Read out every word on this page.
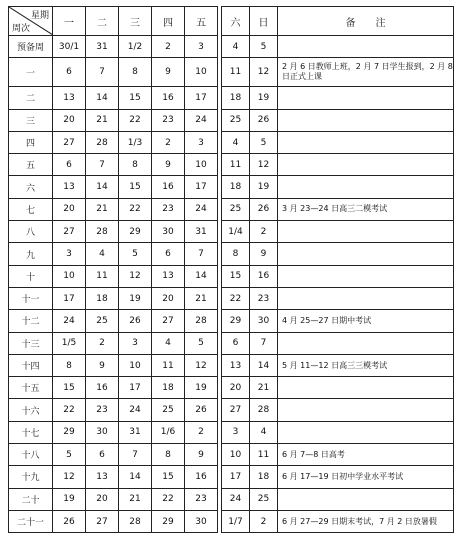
星期
周次	一	二	三	四	五		六	日	备　　注
预备周	30/1	31	1/2	2	3		4	5	
一	6	7	8	9	10		11	12	2 月 6 日教师上班，2 月 7 日学生报到，2 月 8 日正式上课
二	13	14	15	16	17		18	19	
三	20	21	22	23	24		25	26	
四	27	28	1/3	2	3		4	5	
五	6	7	8	9	10		11	12	
六	13	14	15	16	17		18	19	
七	20	21	22	23	24		25	26	3 月 23—24 日高三二模考试
八	27	28	29	30	31		1/4	2	
九	3	4	5	6	7		8	9	
十	10	11	12	13	14		15	16	
十一	17	18	19	20	21		22	23	
十二	24	25	26	27	28		29	30	4 月 25—27 日期中考试
十三	1/5	2	3	4	5		6	7	
十四	8	9	10	11	12		13	14	5 月 11—12 日高三三模考试
十五	15	16	17	18	19		20	21	
十六	22	23	24	25	26		27	28	
十七	29	30	31	1/6	2		3	4	
十八	5	6	7	8	9		10	11	6 月 7—8 日高考
十九	12	13	14	15	16		17	18	6 月 17—19 日初中学业水平考试
二十	19	20	21	22	23		24	25	
二十一	26	27	28	29	30		1/7	2	6 月 27—29 日期末考试，7 月 2 日放暑假
